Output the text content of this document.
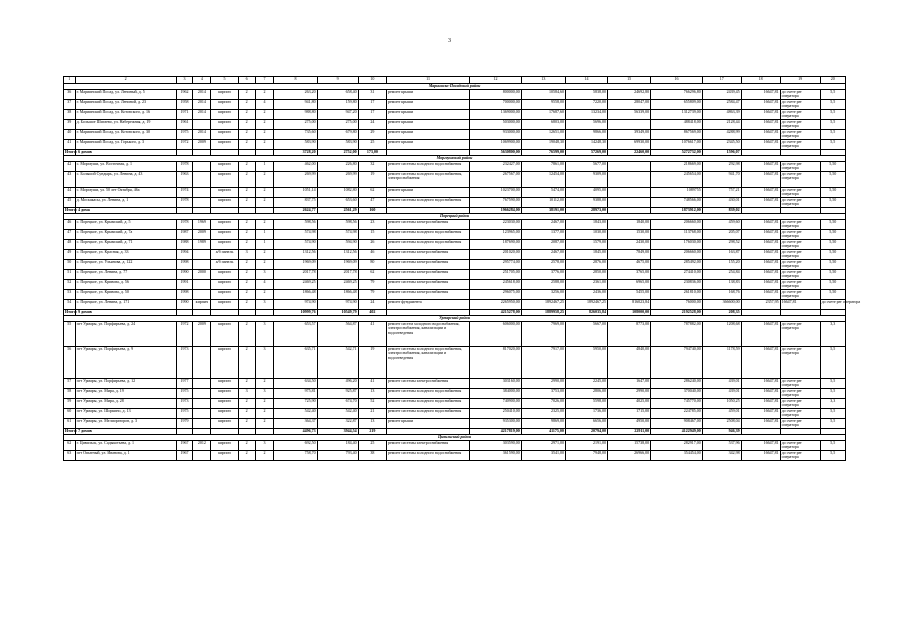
3
1	2	3	4	5	6	7	8	9	10	11	12	13	14	15	16	17	18	19	20
Мариинско-Посадский район																			
36	г. Мариинский Посад, ул. Лениный, д. 5	1962	2014	кирпич	2	2	263,20	658,40	31	ремонт крыши	800000,00	10584,60	5838,00	24692,80	766296,80	2439,45	16647,81	до счете рег оператора	5,5
37	г. Мариинский Посад, ул. Лениной, д. 23	1958	2014	кирпич	2	4	941,80	159,80	17	ремонт крыши	700000,00	9558,00	7220,00	28047,00	655809,00	2584,47	16647,81	до счете рег оператора	5,5
38	г. Мариинский Посад, ул. Котовского, д. 16	1971	2014	кирпич	2	2	988,80	947,20	17	ремонт крыши	1369000,00	17687,60	13234,00	56339,00	1312739,00	4863,39	16647,81	до счете рег оператора	5,5
39	д. Большое Шигаево, ул. Набережная, д. 19	1961		кирпич	2	2	275,00	275,00	24	ремонт крыши	503000,00	6803,00	5696,00		488418,00	2128,44	16647,81	до счете рег оператора	5,5
40	г. Мариинский Посад, ул. Котовского, д. 30	1975	2014	кирпич	2	2	735,60	679,80	29	ремонт крыши	933000,00	12651,00	9866,00	39349,00	867569,00	4288,99	16647,81	до счете рег оператора	5,5
41	г. Мариинский Посад, ул. Горького, д. 3	1972	2009	кирпич	2	2	583,90	583,90	25	ремонт крыши	1069900,00	19048,30	14248,30	69930,00	1076617,00	2345,50	16647,81	до счете рег оператора	5,5
Итого: 6 домов							3728,20	2752,00	173,00		5630800,00	76599,00	57269,00	22460,00	5272732,00	1596,07			
Моргаушский район																			
42	с. Моргауши, ул. Восточная, д. 1	1978		кирпич	2	1	462,00	226,80	32	ремонт системы холодного водоснабжения	232427,00	7861,00	5677,00		218669,00	292,98	16647,81	до счете рег оператора	5,50
43	с. Большой Сундырь, ул. Ленина, д. 43	1963		кирпич	2	2	269,99	269,99	19	ремонт системы холодного водоснабжения, электроснабжения	267567,00	12454,00	9309,00		245654,00	941,70	16647,81	до счете рег оператора	5,50
44	с. Моргауши, ул. 50 лет Октября, 46а	1974		кирпич	2	2	1051,14	1082,80	62	ремонт крыши	1023700,00	5474,00	4095,00		1089755	757,21	16647,81	до счете рег оператора	5,50
45	д. Москакасы, ул. Ленина, д. 1	1978		кирпич	2	2	837,75	653,60	47	ремонт системы холодного водоснабжения	767590,00	10112,00	9388,00		748566,00	430,01	16647,81	до счете рег оператора	5,50
Итого: 4 дома							2624,77	2561,29	160		1966284,00	38191,00	28973,00		1873912,00	839,02			
Порецкий район																			
46	с. Порецкое, ул. Крымский, д. 5	1978	1969	кирпич	2	2	598,56	598,56	23	ремонт системы электроснабжения	223030,00	2467,00	1843,00	1840,00	206660,00	459,60	16647,81	до счете рег оператора	5,50
47	с. Порецкое, ул. Крымский, д. 7а	1987	2009	кирпич	2	1	574,98	574,98	15	ремонт системы холодного водоснабжения	123965,00	1377,00	1030,00	1530,00	113768,00	205,07	16647,81	до счете рег оператора	5,50
48	с. Порецкое, ул. Крымский, д. 71	1988	1989	кирпич	2	1	574,90	594,90	26	ремонт системы холодного водоснабжения	187690,00	2087,00	1579,00	2430,00	176030,00	298,52	16647,81	до счете рег оператора	5,50
49	с. Порецкое, ул. Красная, д. 33	1994		а/б панель	3	2	1312,56	1312,56	46	ремонт системы электроснабжения	201020,00	2467,00	1845,00	7849,00	206660,00	163,87	16647,81	до счете рег оператора	5,50
50	с. Порецкое, ул. Ульянова, д. 122	1998		а/б панель	2	2	1969,09	1969,09	80	ремонт системы электроснабжения	295774,00	2578,00	2876,00	4675,00	285492,00	155,20	16647,81	до счете рег оператора	5,50
51	с. Порецкое, ул. Ленина, д. 77	1990	2000	кирпич	2	3	2017,78	2017,78	62	ремонт системы электроснабжения	251705,00	3776,00	2850,00	3765,00	274410,00	254,84	16647,81	до счете рег оператора	5,50
52	с. Порецкое, ул. Кривова, д. 56	1991		кирпич	2	4	2469,25	2469,25	79	ремонт системы электроснабжения	245618,00	2588,00	2361,00	6965,00	230836,00	138,83	16647,81	до счете рег оператора	5,50
53	с. Порецкое, ул. Кривова, д. 50	1998		кирпич	2	2	1866,48	1866,48	79	ремонт системы электроснабжения	296075,00	3256,00	2436,00	5455,00	261810,00	168,76	16647,81	до счете рег оператора	5,50
54	с. Порецкое, ул. Ленина, д. 171	1990	кирпич	кирпич	2	3	974,90	974,90	24	ремонт фундамента	2265950,00	1892467,25	1892467,25	816023,84	76000,00	366600,00	2357,95	16647,81	до счете рег оператора
Итого: 9 домов							10999,76	10549,79	402		4215278,00	1889958,25	826035,84	108000,00	2192528,00	208,35			
Урмарский район																			
55	пгт Урмары, ул. Порфирьева, д. 24	1972	2009	кирпич	2	3	653,57	564,87	41	ремонт систем холодного водоснабжения, электроснабжения, канализации и водоотведения	606000,00	7969,00	5667,00	8773,00	787882,00	1208,68	16647,81	до счете рег оператора	3,3
56	пгт Урмары, ул. Порфирьева, д. 9	1973		кирпич	2	3	635,71	542,71	19	ремонт системы холодного водоснабжения, электроснабжения, канализации и водоотведения	817020,00	7917,00	5950,00	4840,00	794740,00	1178,59	16647,81	до счете рег оператора	5,5
57	пгт Урмары, ул. Порфирьева, д. 12	1977		кирпич	2	2	634,50	496,20	41	ремонт системы электроснабжения	303160,00	2990,00	2245,00	1647,00	286240,00	439,01	16647,81	до счете рег оператора	5,5
58	пгт Урмары, ул. Мира, д. 19	1975		кирпич	3	3	975,81	925,87	13	ремонт системы холодного водоснабжения	384000,00	3753,00	2806,00	2990,00	370040,00	439,01	16647,81	до счете рег оператора	5,5
59	пгт Урмары, ул. Мира, д. 28	1973		кирпич	2	2	725,90	674,70	52	ремонт системы холодного водоснабжения	740900,00	7026,00	5598,00	4025,00	745770,00	1050,25	16647,81	до счете рег оператора	3,3
60	пгт Урмары, ул. Шоркино, д. 13	1975		кирпич	2	2	542,40	542,40	21	ремонт системы холодного водоснабжения	250410,00	2325,00	1736,00	1715,00	224785,00	459,01	16647,81	до счете рег оператора	5,5
61	пгт Урмары, ул. Мелиораторов, д. 3	1979		кирпич	2	2	364,37	322,87	13	ремонт крыши	935300,00	9869,00	6656,00	4950,00	908467,00	2508,04	16647,81	до счете рег оператора	5,5
Итого: 7 домов							4496,73	3944,54	219		4217819,00	41175,00	20794,00	22911,00	4122949,00	946,39			
Цивильский район																			
62	г. Цивильск, ул. Садыкотьева, д. 1	1967	2012	кирпич	2	3	692,50	184,40	25	ремонт системы электроснабжения	303590,00	2971,00	2191,00	15738,00	282917,00	537,96	16647,81	до счете рег оператора	5,5
63	пгт Опытный, ул. Иванова, д. 1	1967		кирпич	2	2	758,70	793,40	38	ремонт системы холодного водоснабжения	361590,00	3541,00	7948,00	26966,00	354454,00	342,98	16647,81	до счете рег оператора	5,5
